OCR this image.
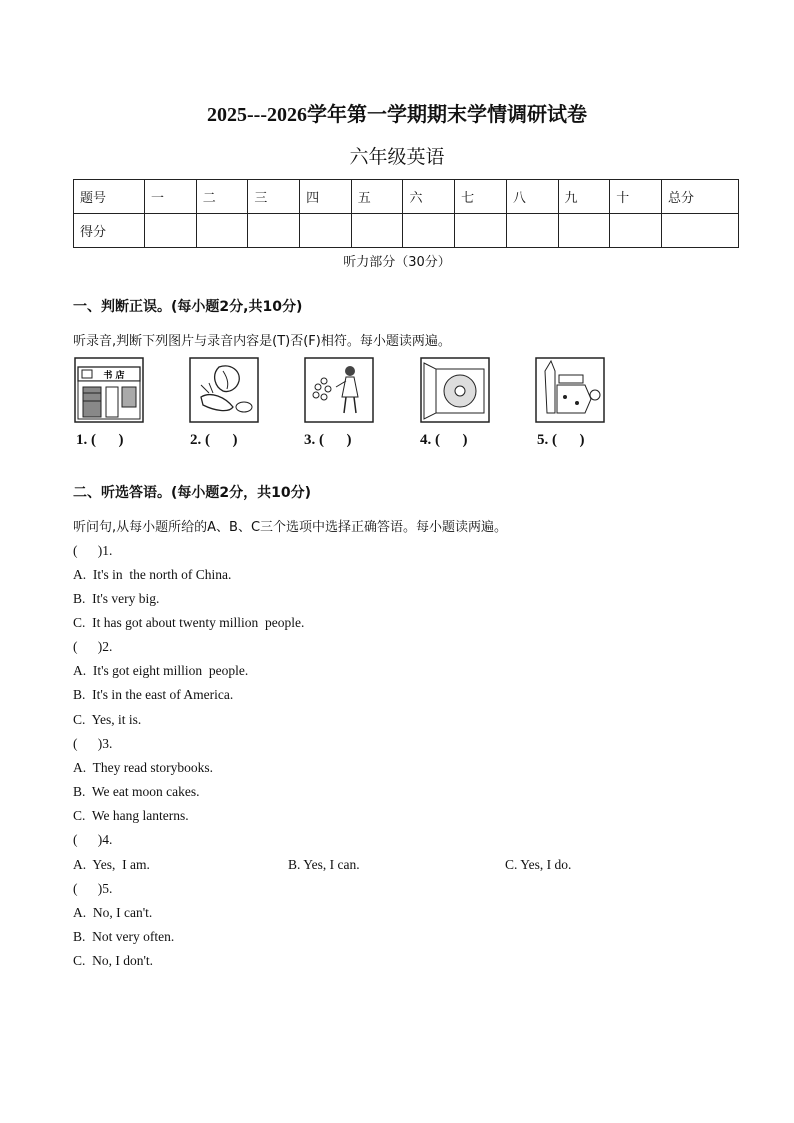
2025---2026学年第一学期期末学情调研试卷
六年级英语
题号	一	二	三	四	五	六	七	八	九	十	总分
得分											
听力部分（30分）
一、判断正误。(每小题2分,共10分)
听录音,判断下列图片与录音内容是(T)否(F)相符。每小题读两遍。
书 店
1. (      )	2. (      )	3. (      )	4. (      )	5. (      )
二、听选答语。(每小题2分，共10分)
听问句,从每小题所给的A、B、C三个选项中选择正确答语。每小题读两遍。
(      )1.
A.  It's in  the north of China.
B.  It's very big.
C.  It has got about twenty million  people.
(      )2.
A.  It's got eight million  people.
B.  It's in the east of America.
C.  Yes, it is.
(      )3.
A.  They read storybooks.
B.  We eat moon cakes.
C.  We hang lanterns.
(      )4.
A.  Yes,  I am.	B. Yes, I can.	C. Yes, I do.
(      )5.
A.  No, I can't.
B.  Not very often.
C.  No, I don't.
